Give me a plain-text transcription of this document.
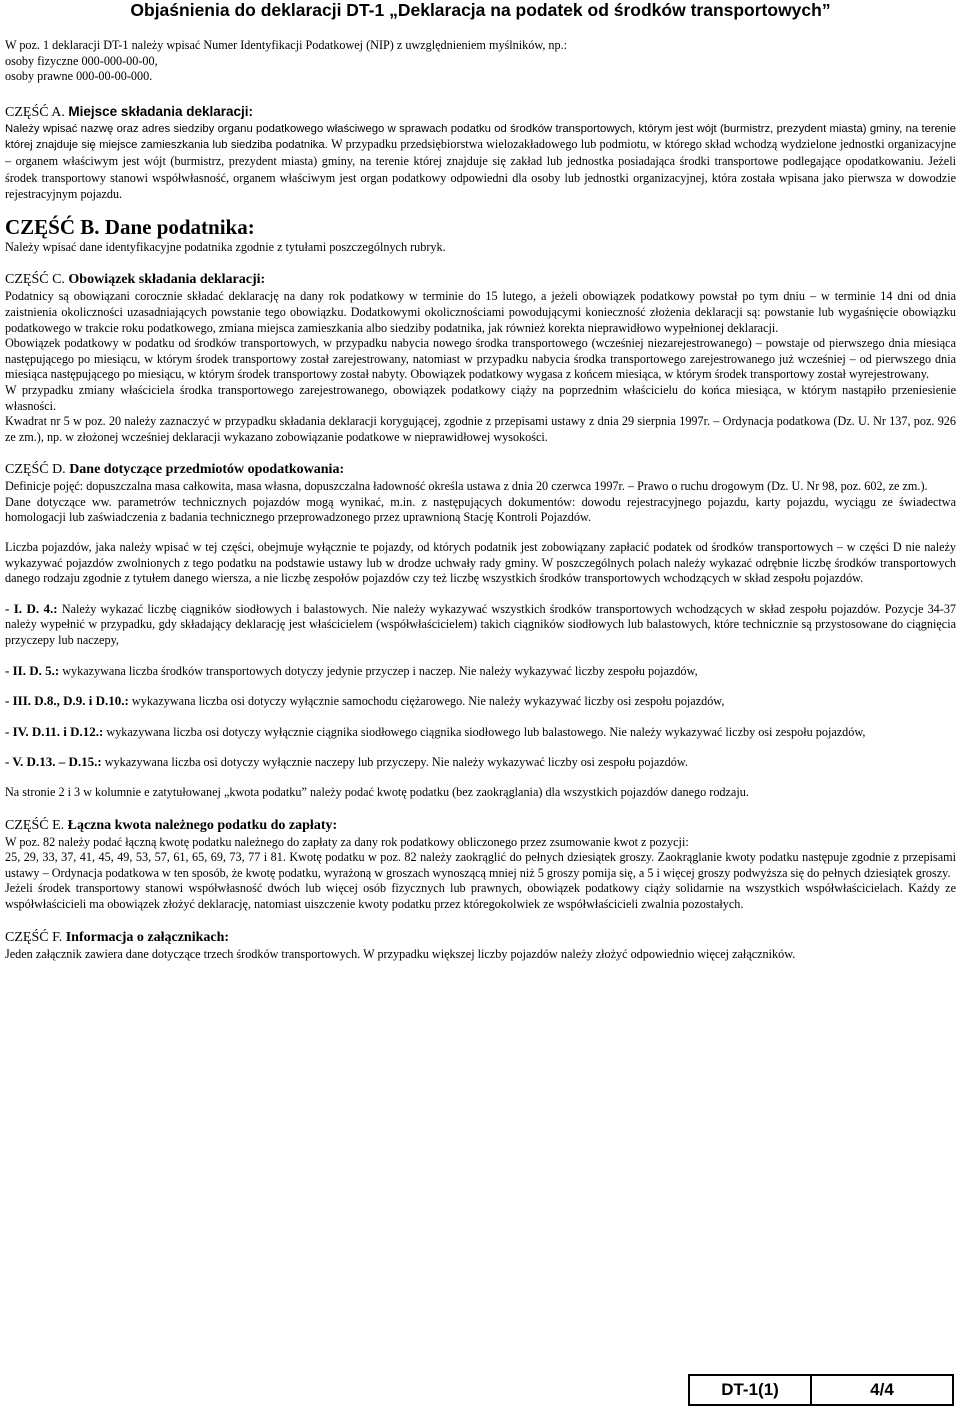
Objaśnienia do deklaracji DT-1 „Deklaracja na podatek od środków transportowych”

W poz. 1 deklaracji DT-1 należy wpisać Numer Identyfikacji Podatkowej (NIP) z uwzględnieniem myślników, np.:

osoby fizyczne 000-000-00-00,

osoby prawne 000-00-00-000.

CZĘŚĆ A. Miejsce składania deklaracji:

Należy wpisać nazwę oraz adres siedziby organu podatkowego właściwego w sprawach podatku od środków transportowych, którym jest wójt (burmistrz, prezydent miasta) gminy, na terenie której znajduje się miejsce zamieszkania lub siedziba podatnika. W przypadku przedsiębiorstwa wielozakładowego lub podmiotu, w którego skład wchodzą wydzielone jednostki organizacyjne – organem właściwym jest wójt (burmistrz, prezydent miasta) gminy, na terenie której znajduje się zakład lub jednostka posiadająca środki transportowe podlegające opodatkowaniu. Jeżeli środek transportowy stanowi współwłasność, organem właściwym jest organ podatkowy odpowiedni dla osoby lub jednostki organizacyjnej, która została wpisana jako pierwsza w dowodzie rejestracyjnym pojazdu.

CZĘŚĆ B. Dane podatnika:

Należy wpisać dane identyfikacyjne podatnika zgodnie z tytułami poszczególnych rubryk.

CZĘŚĆ C. Obowiązek składania deklaracji:

Podatnicy są obowiązani corocznie składać deklarację na dany rok podatkowy w terminie do 15 lutego, a jeżeli obowiązek podatkowy powstał po tym dniu – w terminie 14 dni od dnia zaistnienia okoliczności uzasadniających powstanie tego obowiązku. Dodatkowymi okolicznościami powodującymi konieczność złożenia deklaracji są: powstanie lub wygaśnięcie obowiązku podatkowego w trakcie roku podatkowego, zmiana miejsca zamieszkania albo siedziby podatnika, jak również korekta nieprawidłowo wypełnionej deklaracji.

Obowiązek podatkowy w podatku od środków transportowych, w przypadku nabycia nowego środka transportowego (wcześniej niezarejestrowanego) – powstaje od pierwszego dnia miesiąca następującego po miesiącu, w którym środek transportowy został zarejestrowany, natomiast w przypadku nabycia środka transportowego zarejestrowanego już wcześniej – od pierwszego dnia miesiąca następującego po miesiącu, w którym środek transportowy został nabyty. Obowiązek podatkowy wygasa z końcem miesiąca, w którym środek transportowy został wyrejestrowany.

W przypadku zmiany właściciela środka transportowego zarejestrowanego, obowiązek podatkowy ciąży na poprzednim właścicielu do końca miesiąca, w którym nastąpiło przeniesienie własności.

Kwadrat nr 5 w poz. 20 należy zaznaczyć w przypadku składania deklaracji korygującej, zgodnie z przepisami ustawy z dnia 29 sierpnia 1997r. – Ordynacja podatkowa (Dz. U. Nr 137, poz. 926 ze zm.), np. w złożonej wcześniej deklaracji wykazano zobowiązanie podatkowe w nieprawidłowej wysokości.

CZĘŚĆ D. Dane dotyczące przedmiotów opodatkowania:

Definicje pojęć: dopuszczalna masa całkowita, masa własna, dopuszczalna ładowność określa ustawa z dnia 20 czerwca 1997r. – Prawo o ruchu drogowym (Dz. U. Nr 98, poz. 602, ze zm.).

Dane dotyczące ww. parametrów technicznych pojazdów mogą wynikać, m.in. z następujących dokumentów: dowodu rejestracyjnego pojazdu, karty pojazdu, wyciągu ze świadectwa homologacji lub zaświadczenia z badania technicznego przeprowadzonego przez uprawnioną Stację Kontroli Pojazdów.

Liczba pojazdów, jaka należy wpisać w tej części, obejmuje wyłącznie te pojazdy, od których podatnik jest zobowiązany zapłacić podatek od środków transportowych – w części D nie należy wykazywać pojazdów zwolnionych z tego podatku na podstawie ustawy lub w drodze uchwały rady gminy. W poszczególnych polach należy wykazać odrębnie liczbę środków transportowych danego rodzaju zgodnie z tytułem danego wiersza, a nie liczbę zespołów pojazdów czy też liczbę wszystkich środków transportowych wchodzących w skład zespołu pojazdów.

- I. D. 4.: Należy wykazać liczbę ciągników siodłowych i balastowych. Nie należy wykazywać wszystkich środków transportowych wchodzących w skład zespołu pojazdów. Pozycje 34-37 należy wypełnić w przypadku, gdy składający deklarację jest właścicielem (współwłaścicielem) takich ciągników siodłowych lub balastowych, które technicznie są przystosowane do ciągnięcia przyczepy lub naczepy,

- II. D. 5.: wykazywana liczba środków transportowych dotyczy jedynie przyczep i naczep. Nie należy wykazywać liczby zespołu pojazdów,

- III. D.8., D.9. i D.10.: wykazywana liczba osi dotyczy wyłącznie samochodu ciężarowego. Nie należy wykazywać liczby osi zespołu pojazdów,

- IV. D.11. i D.12.: wykazywana liczba osi dotyczy wyłącznie ciągnika siodłowego ciągnika siodłowego lub balastowego. Nie należy wykazywać liczby osi zespołu pojazdów,

- V. D.13. – D.15.: wykazywana liczba osi dotyczy wyłącznie naczepy lub przyczepy. Nie należy wykazywać liczby osi zespołu pojazdów.

Na stronie 2 i 3 w kolumnie e zatytułowanej „kwota podatku” należy podać kwotę podatku (bez zaokrąglania) dla wszystkich pojazdów danego rodzaju.

CZĘŚĆ E. Łączna kwota należnego podatku do zapłaty:

W poz. 82 należy podać łączną kwotę podatku należnego do zapłaty za dany rok podatkowy obliczonego przez zsumowanie kwot z pozycji:

25, 29, 33, 37, 41, 45, 49, 53, 57, 61, 65, 69, 73, 77 i 81. Kwotę podatku w poz. 82 należy zaokrąglić do pełnych dziesiątek groszy. Zaokrąglanie kwoty podatku następuje zgodnie z przepisami ustawy – Ordynacja podatkowa w ten sposób, że kwotę podatku, wyrażoną w groszach wynoszącą mniej niż 5 groszy pomija się, a 5 i więcej groszy podwyższa się do pełnych dziesiątek groszy.

Jeżeli środek transportowy stanowi współwłasność dwóch lub więcej osób fizycznych lub prawnych, obowiązek podatkowy ciąży solidarnie na wszystkich współwłaścicielach. Każdy ze współwłaścicieli ma obowiązek złożyć deklarację, natomiast uiszczenie kwoty podatku przez któregokolwiek ze współwłaścicieli zwalnia pozostałych.

CZĘŚĆ F. Informacja o załącznikach:

Jeden załącznik zawiera dane dotyczące trzech środków transportowych. W przypadku większej liczby pojazdów należy złożyć odpowiednio więcej załączników.

DT-1(1)	4/4
